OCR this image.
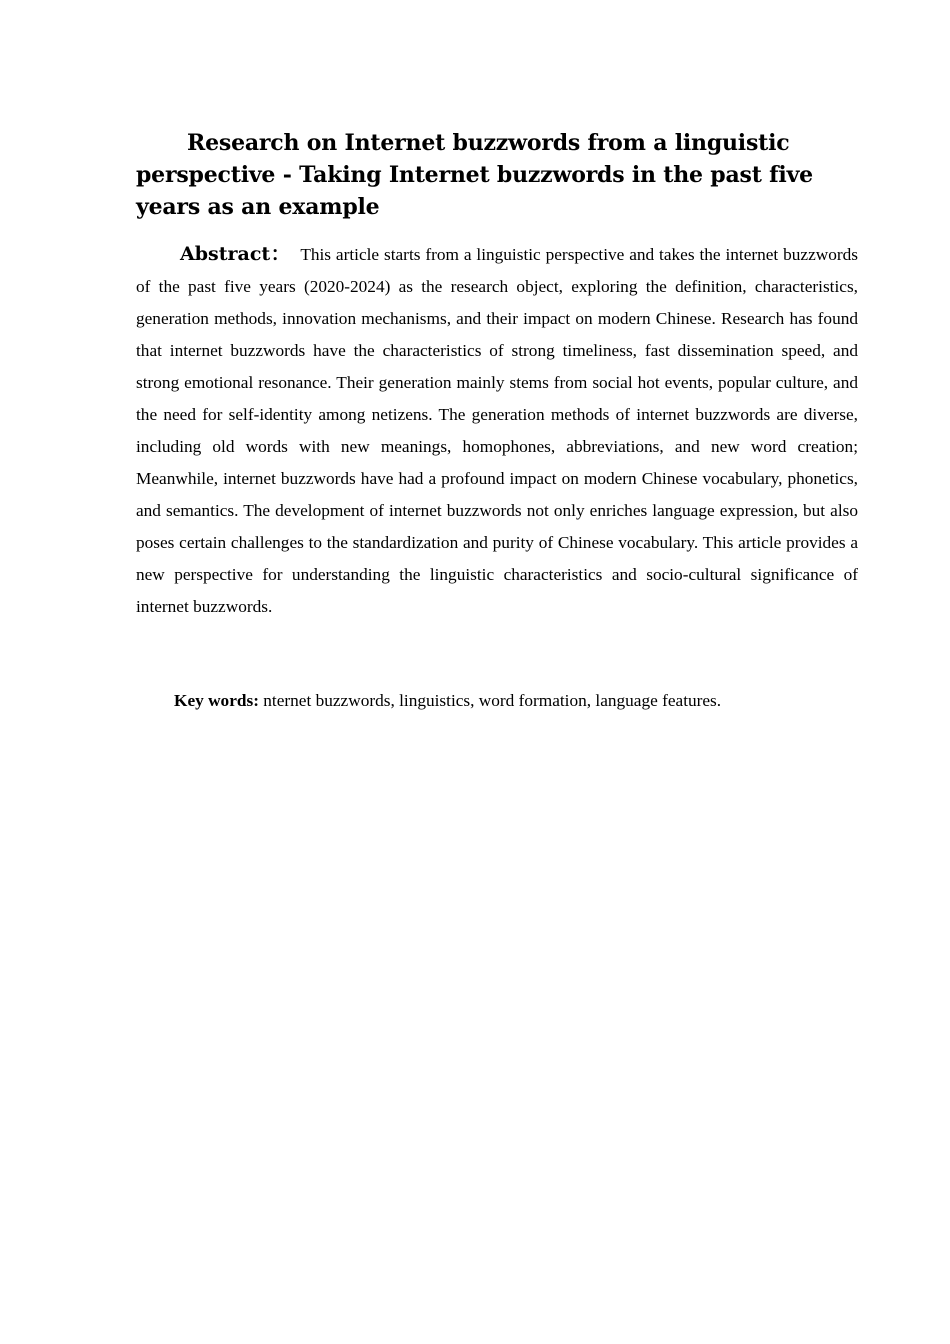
Research on Internet buzzwords from a linguistic perspective - Taking Internet buzzwords in the past five years as an example

Abstract： This article starts from a linguistic perspective and takes the internet buzzwords of the past five years (2020-2024) as the research object, exploring the definition, characteristics, generation methods, innovation mechanisms, and their impact on modern Chinese. Research has found that internet buzzwords have the characteristics of strong timeliness, fast dissemination speed, and strong emotional resonance. Their generation mainly stems from social hot events, popular culture, and the need for self-identity among netizens. The generation methods of internet buzzwords are diverse, including old words with new meanings, homophones, abbreviations, and new word creation; Meanwhile, internet buzzwords have had a profound impact on modern Chinese vocabulary, phonetics, and semantics. The development of internet buzzwords not only enriches language expression, but also poses certain challenges to the standardization and purity of Chinese vocabulary. This article provides a new perspective for understanding the linguistic characteristics and socio-cultural significance of internet buzzwords.

Key words: nternet buzzwords, linguistics, word formation, language features.
